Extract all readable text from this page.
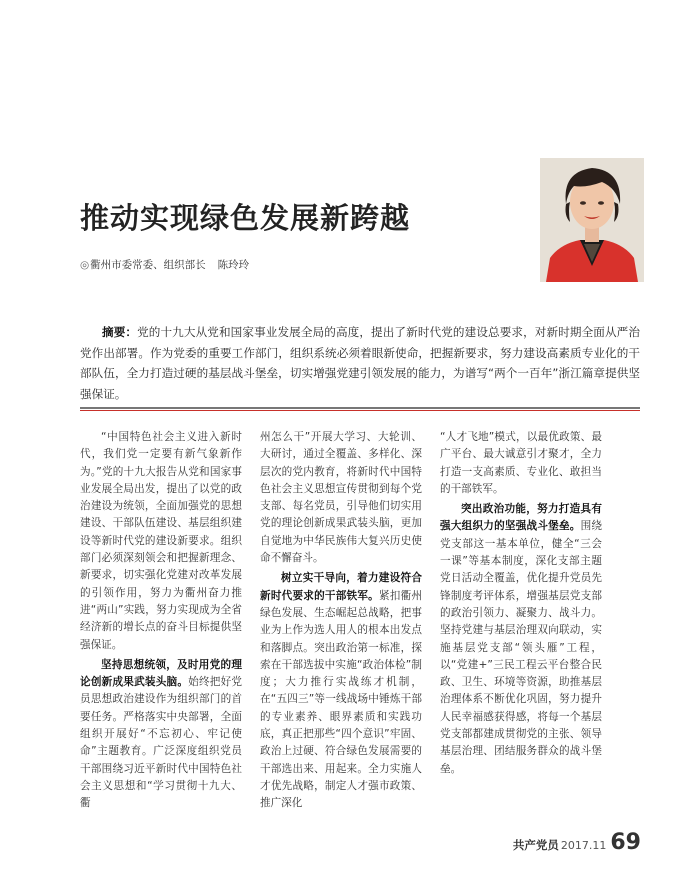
推动实现绿色发展新跨越
◎衢州市委常委、组织部长 陈玲玲

摘要：党的十九大从党和国家事业发展全局的高度，提出了新时代党的建设总要求，对新时期全面从严治党作出部署。作为党委的重要工作部门，组织系统必须着眼新使命，把握新要求，努力建设高素质专业化的干部队伍，全力打造过硬的基层战斗堡垒，切实增强党建引领发展的能力，为谱写“两个一百年”浙江篇章提供坚强保证。

“中国特色社会主义进入新时代，我们党一定要有新气象新作为。”党的十九大报告从党和国家事业发展全局出发，提出了以党的政治建设为统领，全面加强党的思想建设、干部队伍建设、基层组织建设等新时代党的建设新要求。组织部门必须深刻领会和把握新理念、新要求，切实强化党建对改革发展的引领作用，努力为衢州奋力推进“两山”实践，努力实现成为全省经济新的增长点的奋斗目标提供坚强保证。

坚持思想统领，及时用党的理论创新成果武装头脑。始终把好党员思想政治建设作为组织部门的首要任务。严格落实中央部署，全面组织开展好“不忘初心、牢记使命”主题教育。广泛深度组织党员干部围绕习近平新时代中国特色社会主义思想和“学习贯彻十九大、衢

州怎么干”开展大学习、大轮训、大研讨，通过全覆盖、多样化、深层次的党内教育，将新时代中国特色社会主义思想宣传贯彻到每个党支部、每名党员，引导他们切实用党的理论创新成果武装头脑，更加自觉地为中华民族伟大复兴历史使命不懈奋斗。

树立实干导向，着力建设符合新时代要求的干部铁军。紧扣衢州绿色发展、生态崛起总战略，把事业为上作为选人用人的根本出发点和落脚点。突出政治第一标准，探索在干部选拔中实施“政治体检”制度；大力推行实战练才机制，在“五四三”等一线战场中锤炼干部的专业素养、眼界素质和实践功底，真正把那些“四个意识”牢固、政治上过硬、符合绿色发展需要的干部选出来、用起来。全力实施人才优先战略，制定人才强市政策、推广深化

“人才飞地”模式，以最优政策、最广平台、最大诚意引才聚才，全力打造一支高素质、专业化、敢担当的干部铁军。

突出政治功能，努力打造具有强大组织力的坚强战斗堡垒。围绕党支部这一基本单位，健全“三会一课”等基本制度，深化支部主题党日活动全覆盖，优化提升党员先锋制度考评体系，增强基层党支部的政治引领力、凝聚力、战斗力。坚持党建与基层治理双向联动，实施基层党支部“领头雁”工程，以“党建+”三民工程云平台整合民政、卫生、环境等资源，助推基层治理体系不断优化巩固，努力提升人民幸福感获得感，将每一个基层党支部都建成贯彻党的主张、领导基层治理、团结服务群众的战斗堡垒。

共产党员 2017.11 69
